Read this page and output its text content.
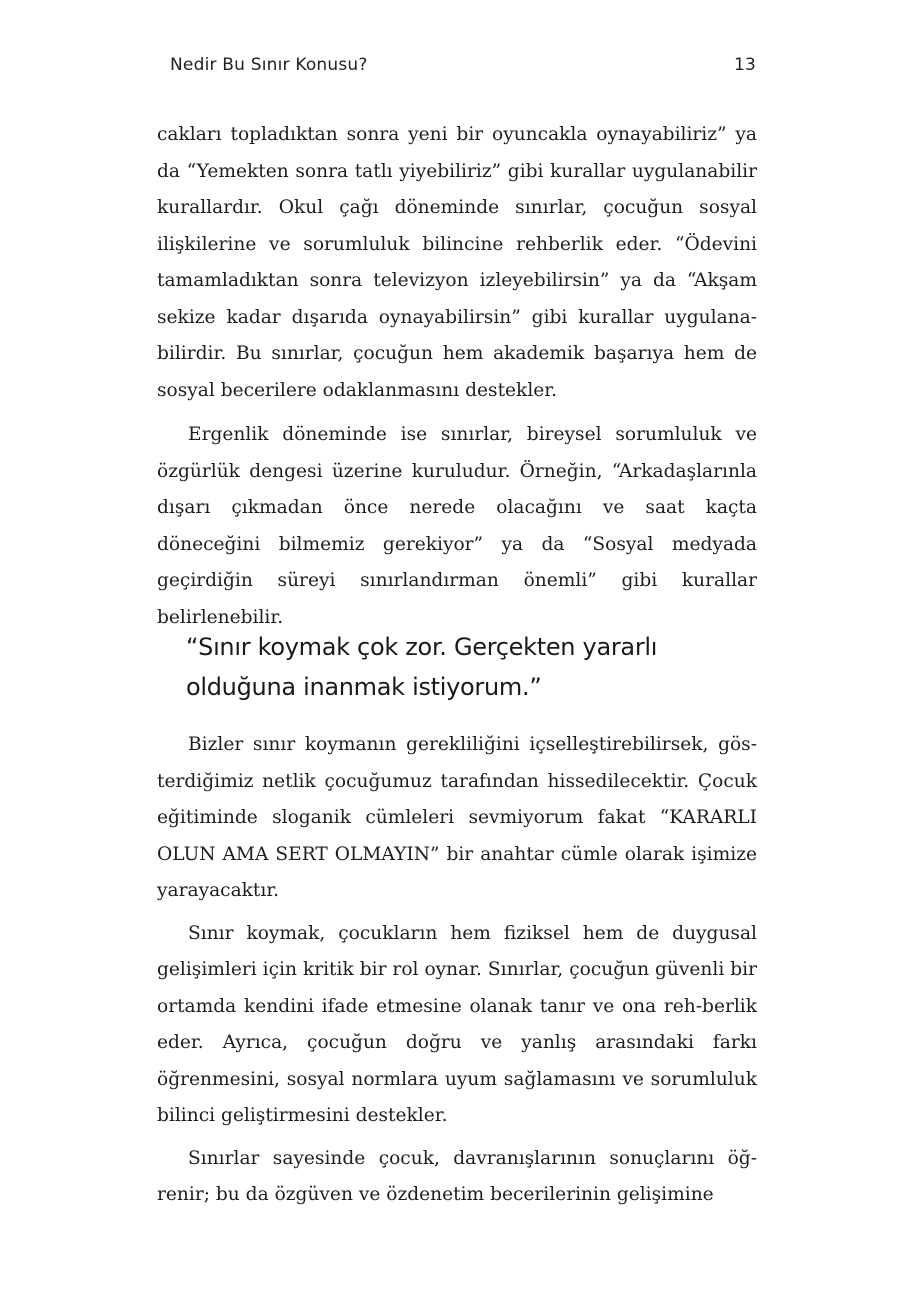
Nedir Bu Sınır Konusu?	13

cakları topladıktan sonra yeni bir oyuncakla oynayabiliriz” ya da “Yemekten sonra tatlı yiyebiliriz” gibi kurallar uygulanabilir kurallardır. Okul çağı döneminde sınırlar, çocuğun sosyal ilişkilerine ve sorumluluk bilincine rehberlik eder. “Ödevini tamamladıktan sonra televizyon izleyebilirsin” ya da “Akşam sekize kadar dışarıda oynayabilirsin” gibi kurallar uygulana-bilirdir. Bu sınırlar, çocuğun hem akademik başarıya hem de sosyal becerilere odaklanmasını destekler.

Ergenlik döneminde ise sınırlar, bireysel sorumluluk ve özgürlük dengesi üzerine kuruludur. Örneğin, “Arkadaşlarınla dışarı çıkmadan önce nerede olacağını ve saat kaçta döneceğini bilmemiz gerekiyor” ya da “Sosyal medyada geçirdiğin süreyi sınırlandırman önemli” gibi kurallar belirlenebilir.

“Sınır koymak çok zor. Gerçekten yararlı olduğuna inanmak istiyorum.”

Bizler sınır koymanın gerekliliğini içselleştirebilirsek, gös-terdiğimiz netlik çocuğumuz tarafından hissedilecektir. Çocuk eğitiminde sloganik cümleleri sevmiyorum fakat “KARARLI OLUN AMA SERT OLMAYIN” bir anahtar cümle olarak işimize yarayacaktır.

Sınır koymak, çocukların hem fiziksel hem de duygusal gelişimleri için kritik bir rol oynar. Sınırlar, çocuğun güvenli bir ortamda kendini ifade etmesine olanak tanır ve ona reh-berlik eder. Ayrıca, çocuğun doğru ve yanlış arasındaki farkı öğrenmesini, sosyal normlara uyum sağlamasını ve sorumluluk bilinci geliştirmesini destekler.

Sınırlar sayesinde çocuk, davranışlarının sonuçlarını öğ-renir; bu da özgüven ve özdenetim becerilerinin gelişimine
